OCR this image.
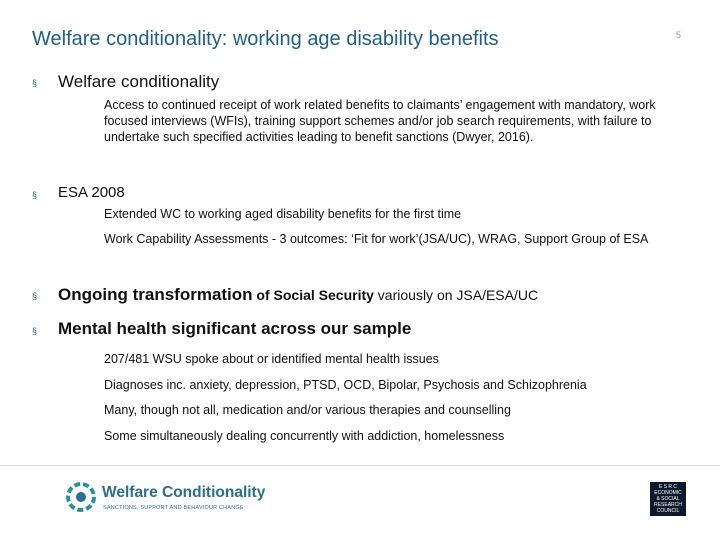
Welfare conditionality: working age disability benefits	5
§ Welfare conditionality
Access to continued receipt of work related benefits to claimants’ engagement with mandatory, work focused interviews (WFIs), training support schemes and/or job search requirements, with failure to undertake such specified activities leading to benefit sanctions (Dwyer, 2016).
§ ESA 2008
Extended WC to working aged disability benefits for the first time
Work Capability Assessments - 3 outcomes: ‘Fit for work’(JSA/UC), WRAG, Support Group of ESA
§ Ongoing transformation of Social Security variously on JSA/ESA/UC
§ Mental health significant across our sample
207/481 WSU spoke about or identified mental health issues
Diagnoses inc. anxiety, depression, PTSD, OCD, Bipolar, Psychosis and Schizophrenia
Many, though not all, medication and/or various therapies and counselling
Some simultaneously dealing concurrently with addiction, homelessness
Welfare Conditionality
SANCTIONS, SUPPORT AND BEHAVIOUR CHANGE
E S R C
ECONOMIC
& SOCIAL
RESEARCH
COUNCIL
